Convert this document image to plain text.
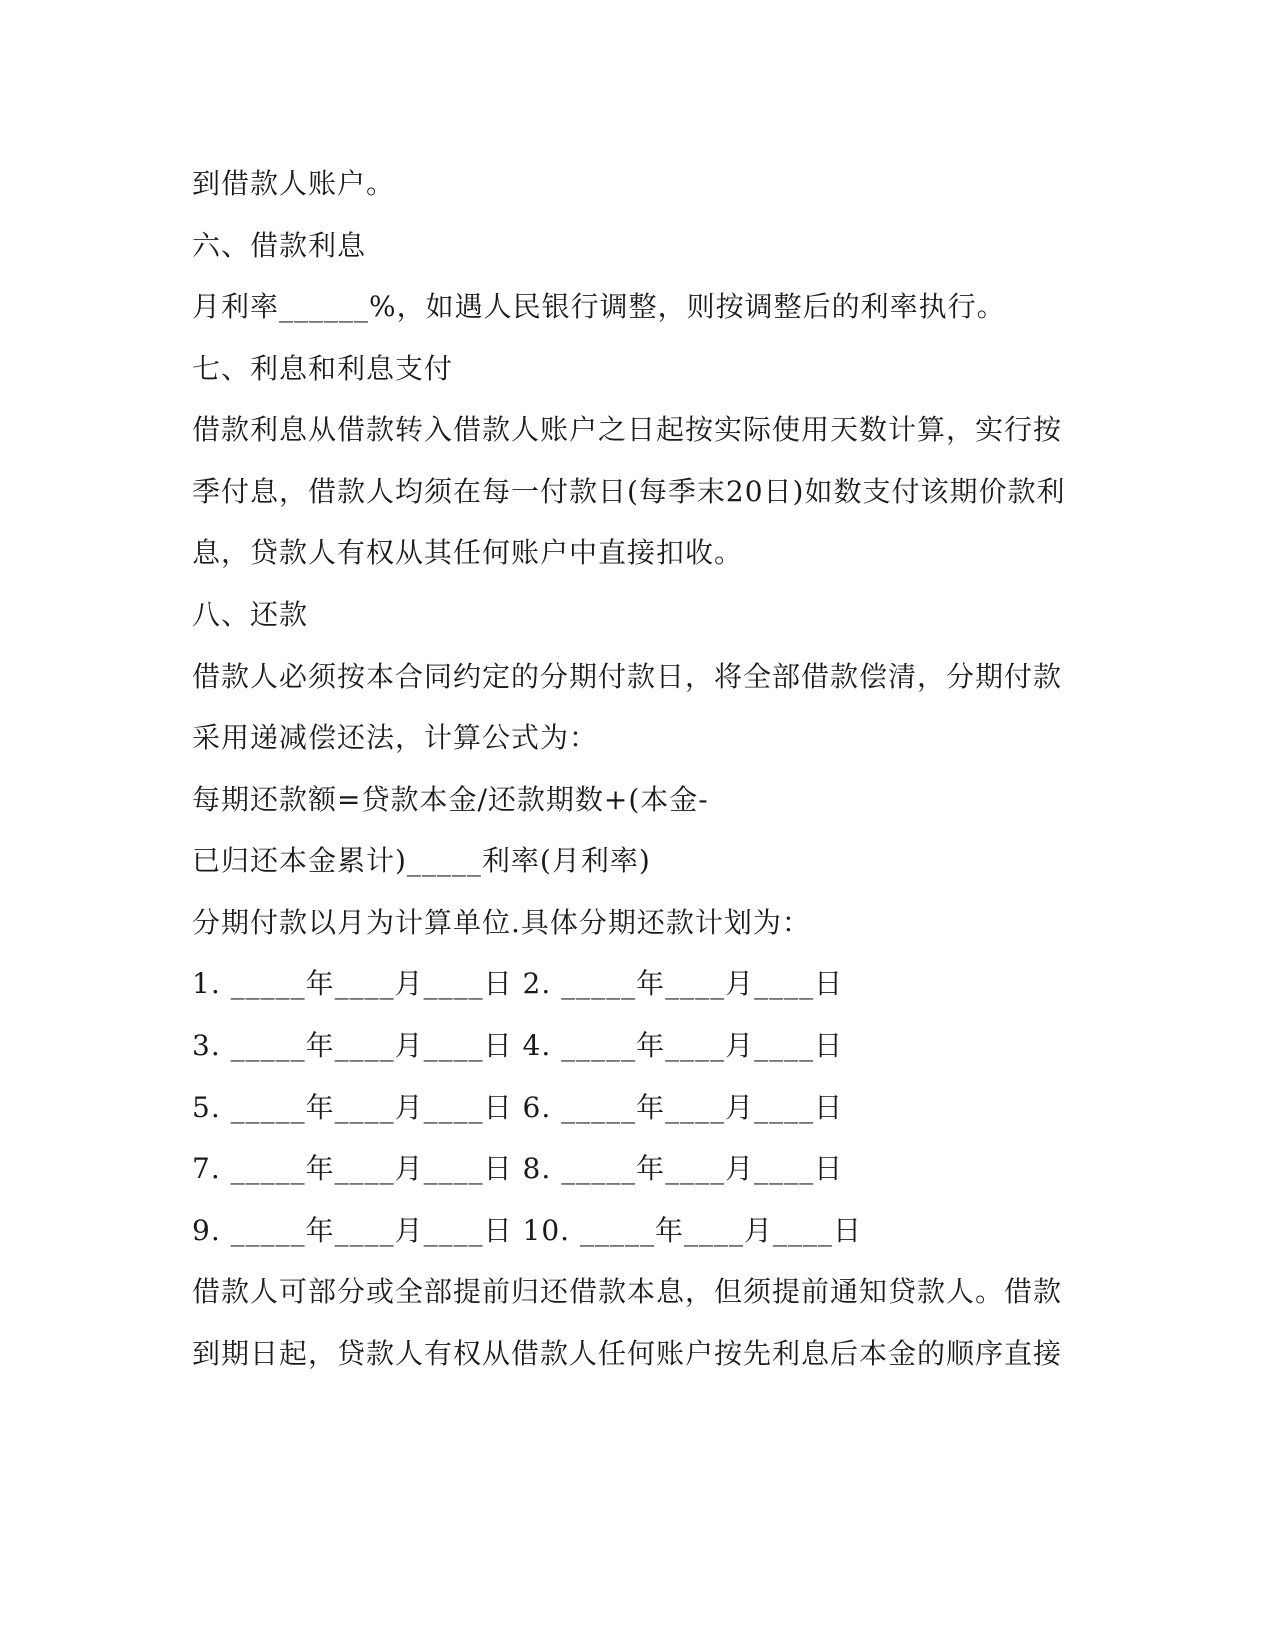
到借款人账户。
六、借款利息
月利率______%，如遇人民银行调整，则按调整后的利率执行。
七、利息和利息支付
借款利息从借款转入借款人账户之日起按实际使用天数计算，实行按
季付息，借款人均须在每一付款日(每季末20日)如数支付该期价款利
息，贷款人有权从其任何账户中直接扣收。
八、还款
借款人必须按本合同约定的分期付款日，将全部借款偿清，分期付款
采用递减偿还法，计算公式为：
每期还款额=贷款本金/还款期数+(本金-
已归还本金累计)_____利率(月利率)
分期付款以月为计算单位.具体分期还款计划为：
1. _____年____月____日 2. _____年____月____日
3. _____年____月____日 4. _____年____月____日
5. _____年____月____日 6. _____年____月____日
7. _____年____月____日 8. _____年____月____日
9. _____年____月____日 10. _____年____月____日
借款人可部分或全部提前归还借款本息，但须提前通知贷款人。借款
到期日起，贷款人有权从借款人任何账户按先利息后本金的顺序直接
